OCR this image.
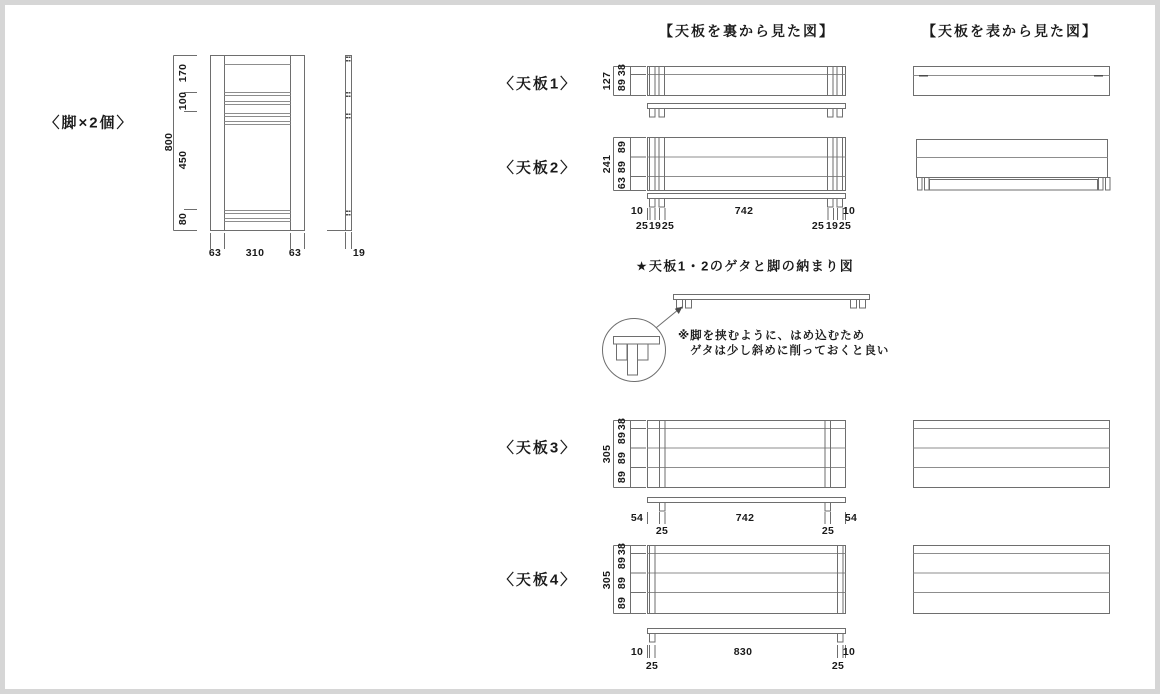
〈脚×2個〉
800
170
100
450
80
63 310 63	19
【天板を裏から見た図】	【天板を表から見た図】
〈天板1〉 127
38
89
〈天板2〉 241
89
89
63
10	742	10
25 19 25	25 19 25
★天板1・2のゲタと脚の納まり図
※脚を挟むように、はめ込むため
ゲタは少し斜めに削っておくと良い
〈天板3〉 305
38
89
89
89
54	742	54
25	25
〈天板4〉 305
38
89
89
89
10	830	10
25	25
